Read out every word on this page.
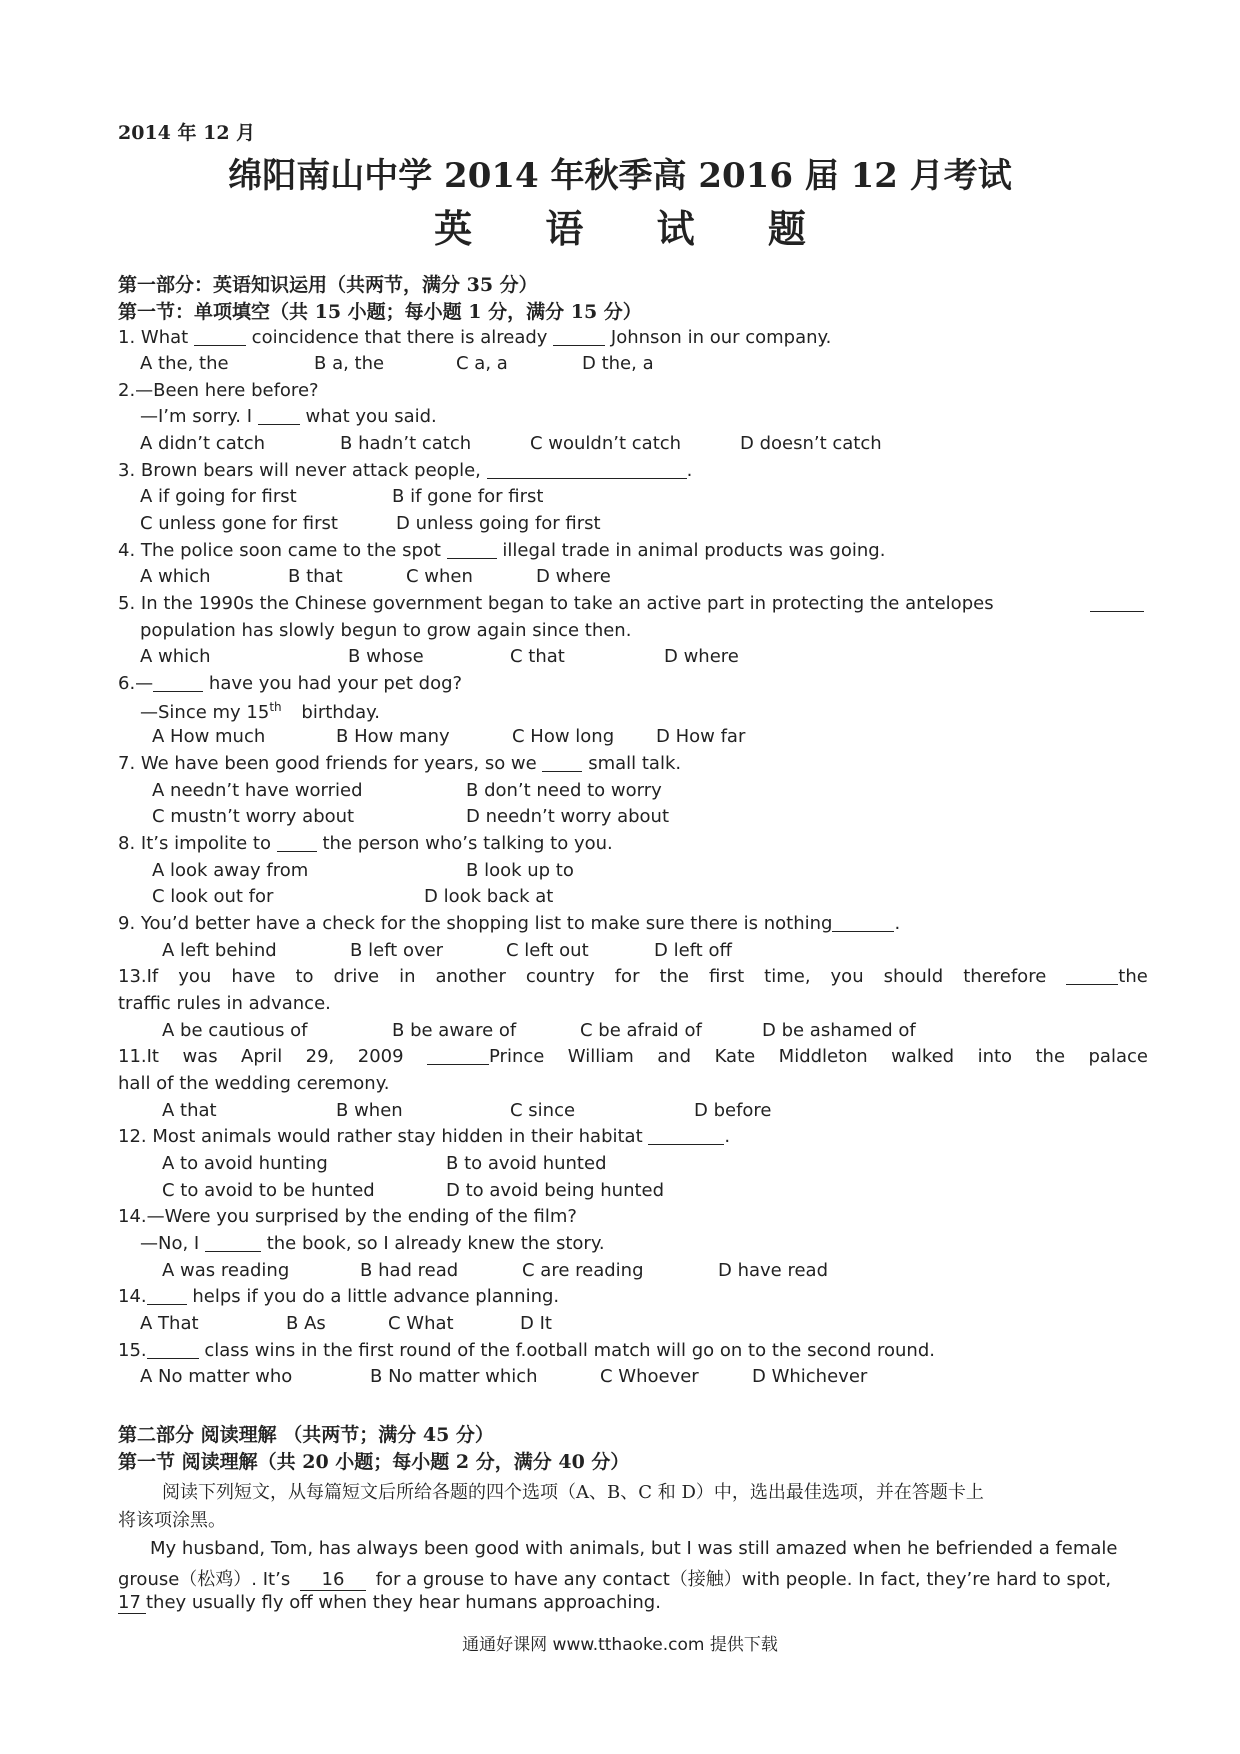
2014 年 12 月
绵阳南山中学 2014 年秋季高 2016 届 12 月考试
英 语 试 题
第一部分：英语知识运用（共两节，满分 35 分）
第一节：单项填空（共 15 小题；每小题 1 分，满分 15 分）
1. What	coincidence that there is already	Johnson in our company.
A the, the	B a, the	C a, a	D the, a
2.—Been here before?
—I’m sorry. I	what you said.
A didn’t catch	B hadn’t catch	C wouldn’t catch	D doesn’t catch
3. Brown bears will never attack people,	.
A if going for first	B if gone for first
C unless gone for first	D unless going for first
4. The police soon came to the spot	illegal trade in animal products was going.
A which	B that	C when	D where
5. In the 1990s the Chinese government began to take an active part in protecting the antelopes
population has slowly begun to grow again since then.
A which	B whose	C that	D where
6.—	have you had your pet dog?
—Since my 15th birthday.
A How much	B How many	C How long D How far
7. We have been good friends for years, so we	small talk.
A needn’t have worried	B don’t need to worry
C mustn’t worry about	D needn’t worry about
8. It’s impolite to	the person who’s talking to you.
A look away from	B look up to
C look out for	D look back at
9. You’d better have a check for the shopping list to make sure there is nothing	.
A left behind	B left over	C left out	D left off
13.If you have to drive in another country for the first time, you should therefore	the
traffic rules in advance.
A be cautious of	B be aware of	C be afraid of	D be ashamed of
11.It was April 29, 2009	Prince William and Kate Middleton walked into the palace
hall of the wedding ceremony.
A that	B when	C since	D before
12. Most animals would rather stay hidden in their habitat	.
A to avoid hunting	B to avoid hunted
C to avoid to be hunted	D to avoid being hunted
14.—Were you surprised by the ending of the film?
—No, I	the book, so I already knew the story.
A was reading	B had read	C are reading	D have read
14.	helps if you do a little advance planning.
A That	B As	C What	D It
15.	class wins in the first round of the f.ootball match will go on to the second round.
A No matter who	B No matter which	C Whoever	D Whichever
第二部分 阅读理解 （共两节；满分 45 分）
第一节 阅读理解（共 20 小题；每小题 2 分，满分 40 分）
阅读下列短文，从每篇短文后所给各题的四个选项（A、B、C 和 D）中，选出最佳选项，并在答题卡上
将该项涂黑。
My husband, Tom, has always been good with animals, but I was still amazed when he befriended a female
grouse（松鸡）. It’s 16 for a grouse to have any contact（接触）with people. In fact, they’re hard to spot,
17 they usually fly off when they hear humans approaching.
通通好课网 www.tthaoke.com 提供下载
